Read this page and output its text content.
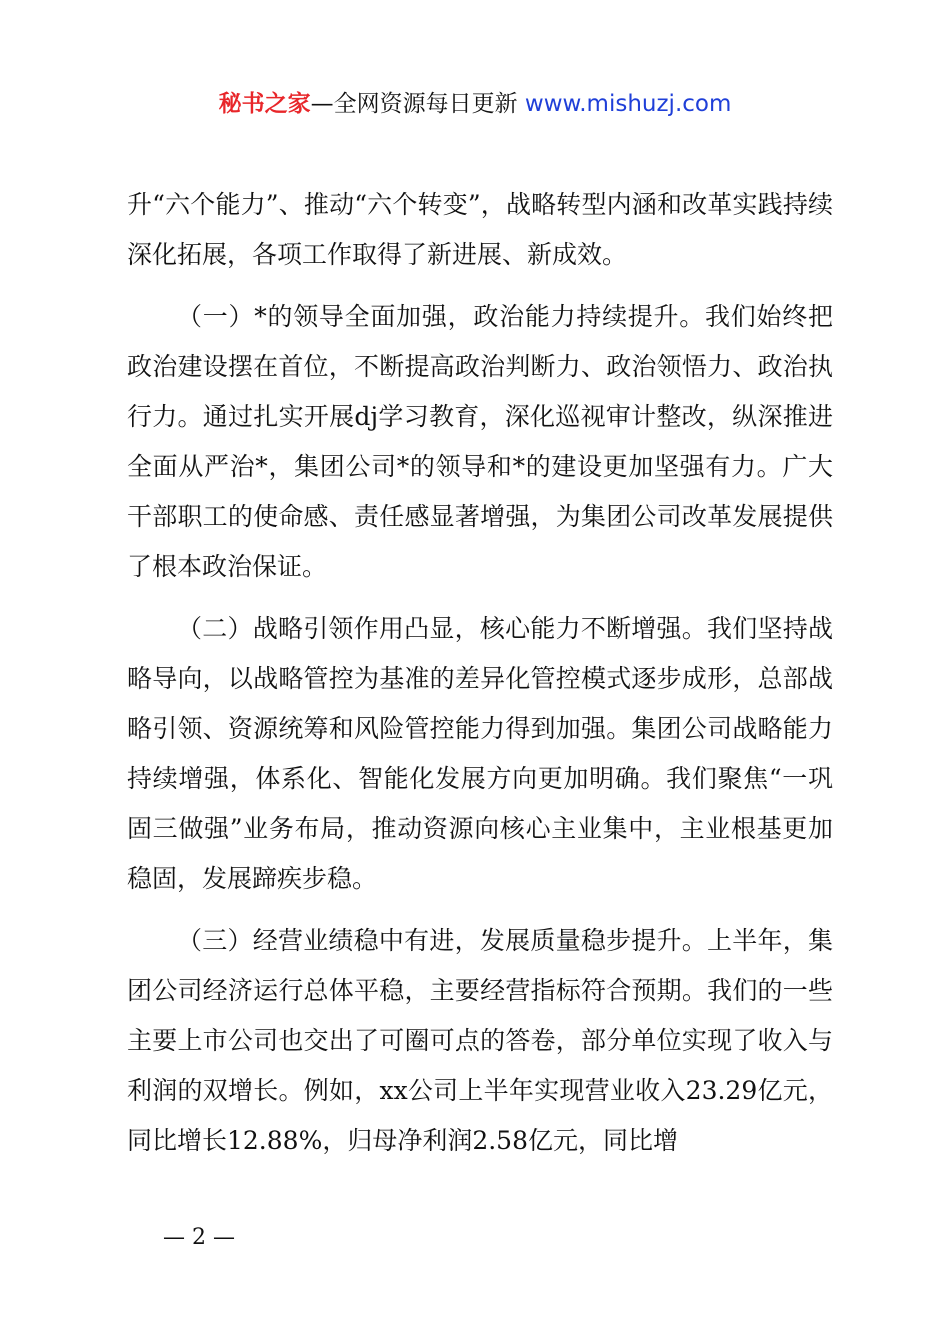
秘书之家—全网资源每日更新 www.mishuzj.com

升“六个能力”、推动“六个转变”，战略转型内涵和改革实践持续深化拓展，各项工作取得了新进展、新成效。

（一）*的领导全面加强，政治能力持续提升。我们始终把政治建设摆在首位，不断提高政治判断力、政治领悟力、政治执行力。通过扎实开展dj学习教育，深化巡视审计整改，纵深推进全面从严治*，集团公司*的领导和*的建设更加坚强有力。广大干部职工的使命感、责任感显著增强，为集团公司改革发展提供了根本政治保证。

（二）战略引领作用凸显，核心能力不断增强。我们坚持战略导向，以战略管控为基准的差异化管控模式逐步成形，总部战略引领、资源统筹和风险管控能力得到加强。集团公司战略能力持续增强，体系化、智能化发展方向更加明确。我们聚焦“一巩固三做强”业务布局，推动资源向核心主业集中，主业根基更加稳固，发展蹄疾步稳。

（三）经营业绩稳中有进，发展质量稳步提升。上半年，集团公司经济运行总体平稳，主要经营指标符合预期。我们的一些主要上市公司也交出了可圈可点的答卷，部分单位实现了收入与利润的双增长。例如，xx公司上半年实现营业收入23.29亿元，同比增长12.88%，归母净利润2.58亿元，同比增

— 2 —
